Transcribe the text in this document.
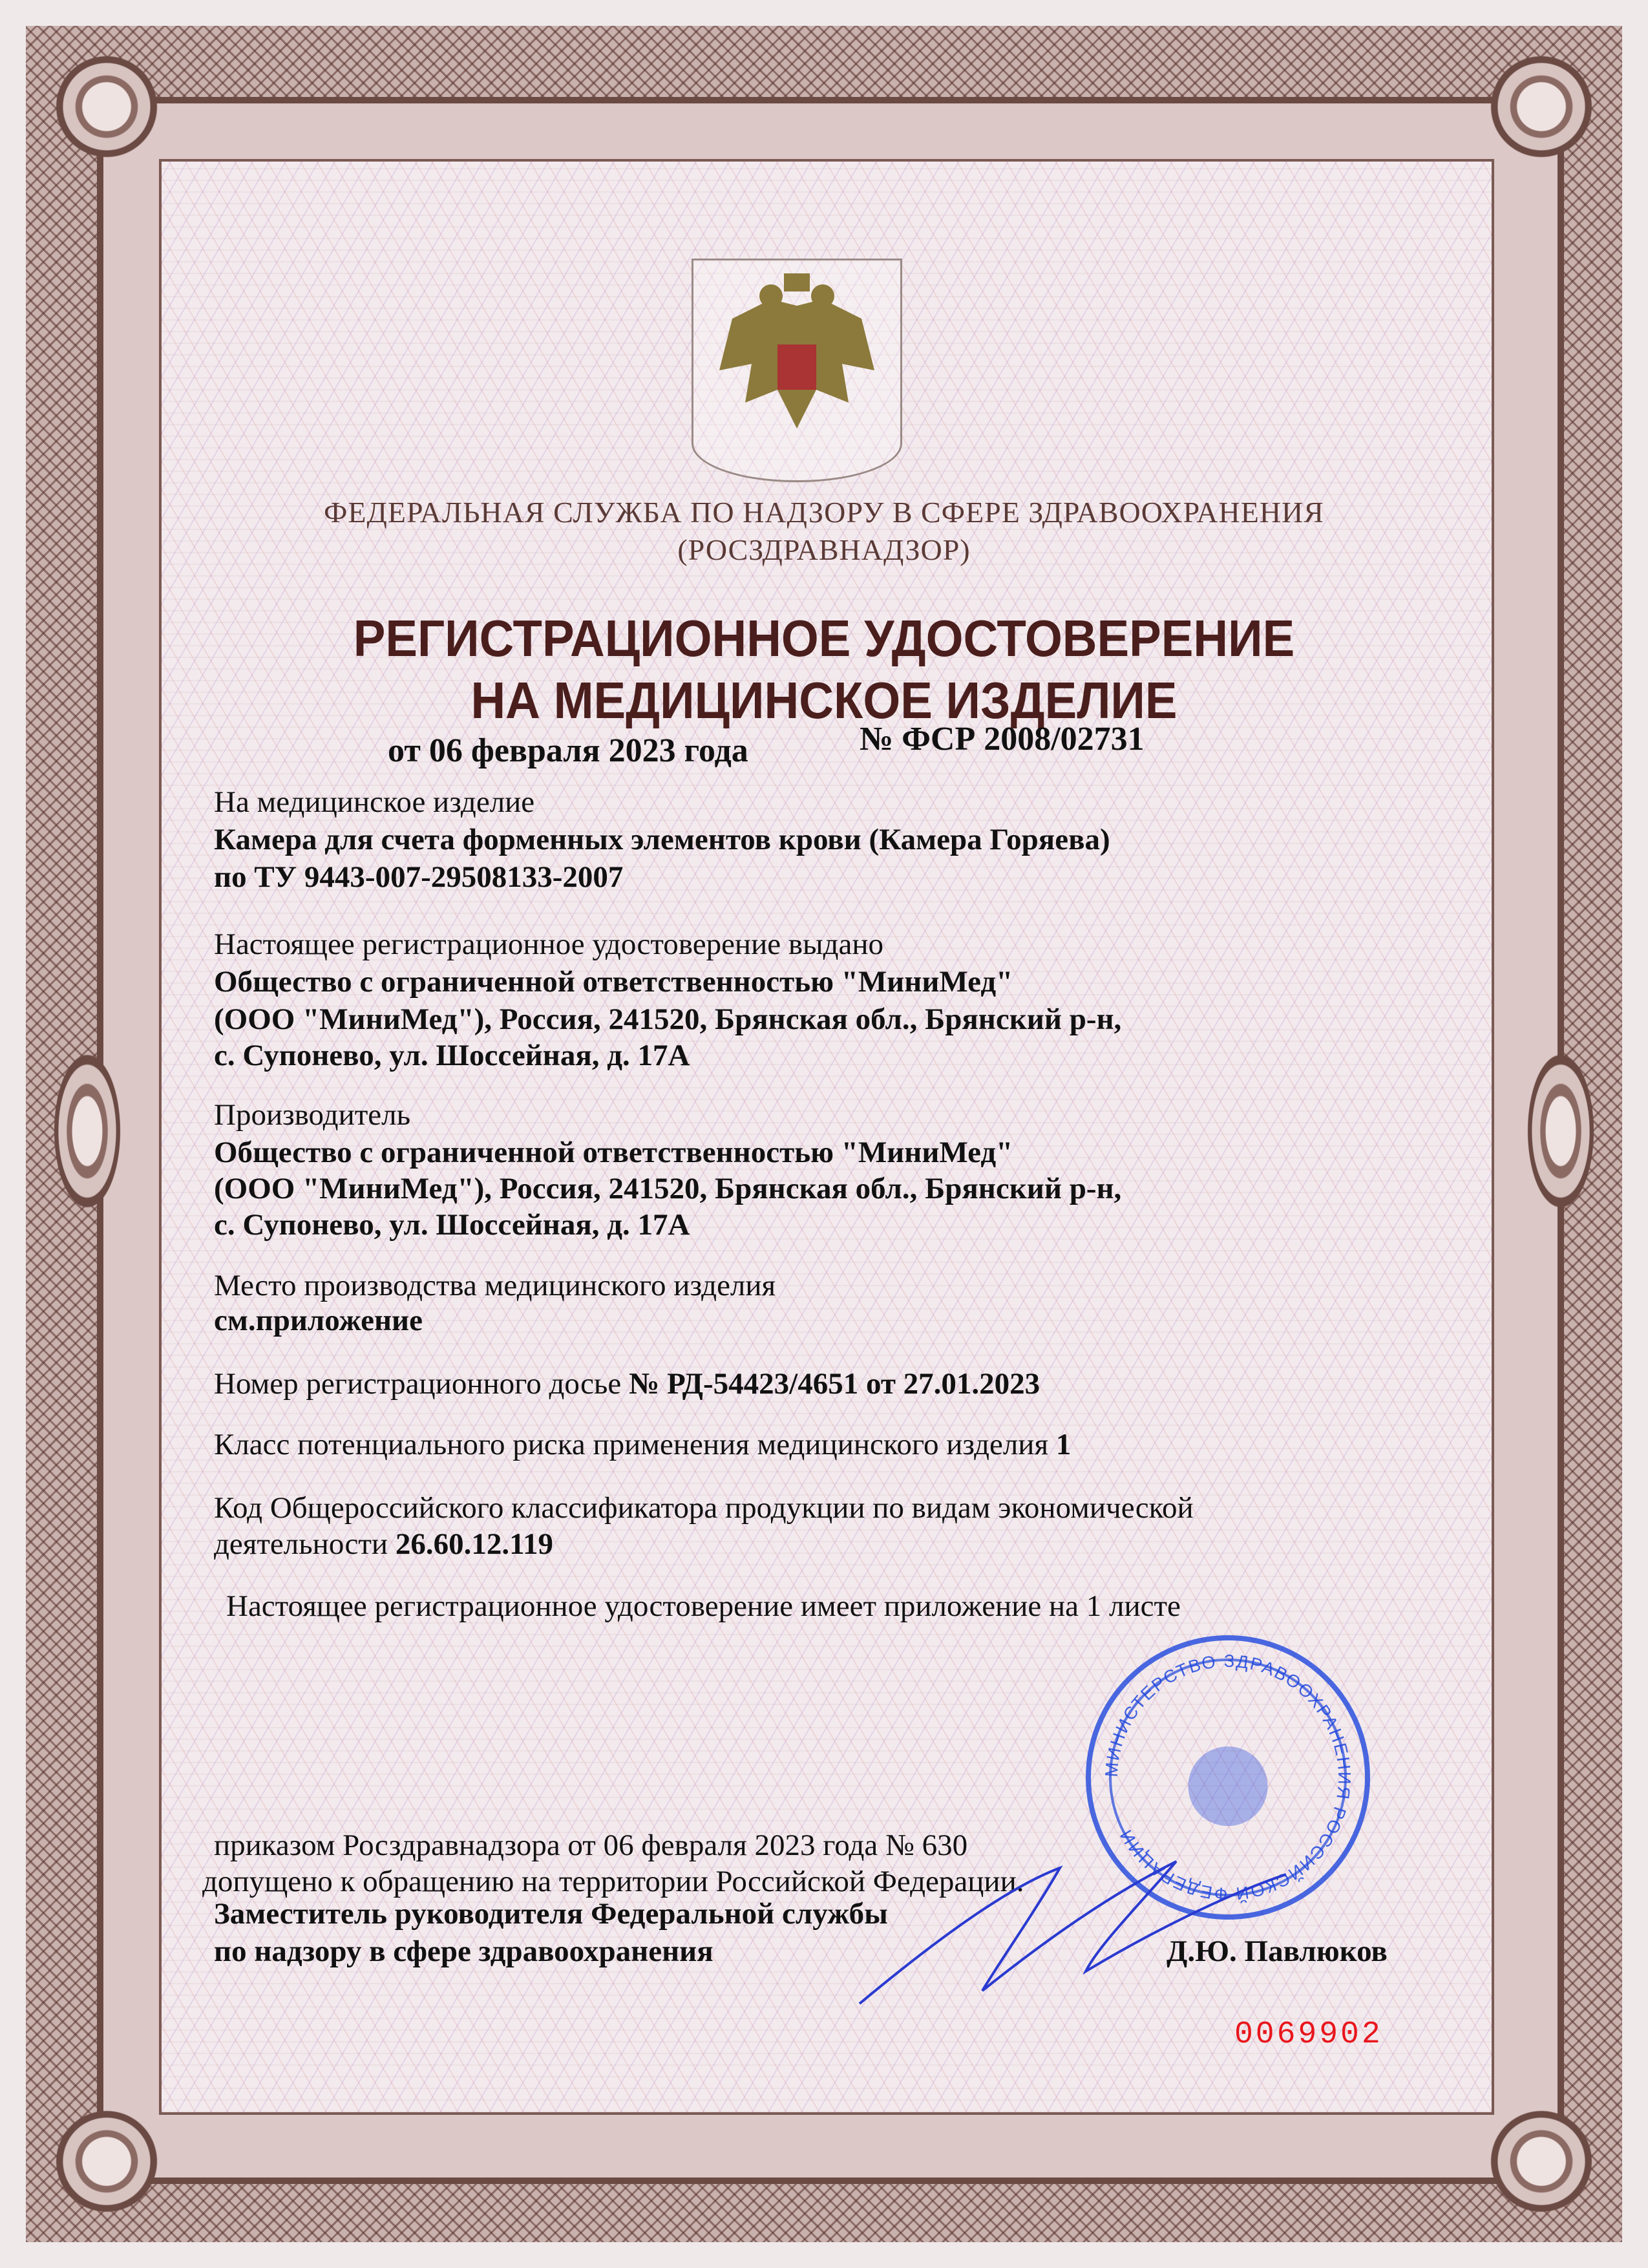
ФЕДЕРАЛЬНАЯ СЛУЖБА ПО НАДЗОРУ В СФЕРЕ ЗДРАВООХРАНЕНИЯ
(РОСЗДРАВНАДЗОР)
РЕГИСТРАЦИОННОЕ УДОСТОВЕРЕНИЕ
НА МЕДИЦИНСКОЕ ИЗДЕЛИЕ
от 06 февраля 2023 года	№ ФСР 2008/02731
На медицинское изделие
Камера для счета форменных элементов крови (Камера Горяева)
по ТУ 9443-007-29508133-2007
Настоящее регистрационное удостоверение выдано
Общество с ограниченной ответственностью "МиниМед"
(ООО "МиниМед"), Россия, 241520, Брянская обл., Брянский р-н,
с. Супонево, ул. Шоссейная, д. 17А
Производитель
Общество с ограниченной ответственностью "МиниМед"
(ООО "МиниМед"), Россия, 241520, Брянская обл., Брянский р-н,
с. Супонево, ул. Шоссейная, д. 17А
Место производства медицинского изделия
см.приложение
Номер регистрационного досье № РД-54423/4651 от 27.01.2023
Класс потенциального риска применения медицинского изделия 1
Код Общероссийского классификатора продукции по видам экономической
деятельности 26.60.12.119
Настоящее регистрационное удостоверение имеет приложение на 1 листе
МИНИСТЕРСТВО ЗДРАВООХРАНЕНИЯ РОССИЙСКОЙ ФЕДЕРАЦИИ
приказом Росздравнадзора от 06 февраля 2023 года № 630
допущено к обращению на территории Российской Федерации.
Заместитель руководителя Федеральной службы
по надзору в сфере здравоохранения	Д.Ю. Павлюков
0069902
